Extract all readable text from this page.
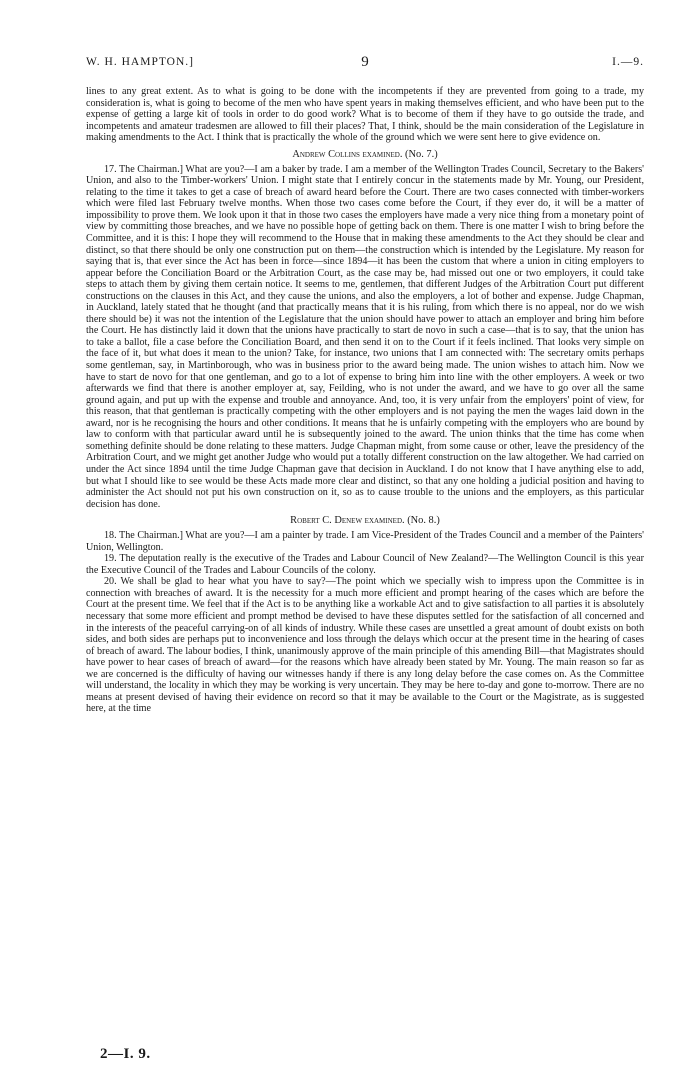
W. H. HAMPTON.]	9	I.—9.

lines to any great extent. As to what is going to be done with the incompetents if they are prevented from going to a trade, my consideration is, what is going to become of the men who have spent years in making themselves efficient, and who have been put to the expense of getting a large kit of tools in order to do good work? What is to become of them if they have to go outside the trade, and incompetents and amateur tradesmen are allowed to fill their places? That, I think, should be the main consideration of the Legislature in making amendments to the Act. I think that is practically the whole of the ground which we were sent here to give evidence on.

Andrew Collins examined. (No. 7.)

17. The Chairman.] What are you?—I am a baker by trade. I am a member of the Wellington Trades Council, Secretary to the Bakers' Union, and also to the Timber-workers' Union. I might state that I entirely concur in the statements made by Mr. Young, our President, relating to the time it takes to get a case of breach of award heard before the Court. There are two cases connected with timber-workers which were filed last February twelve months. When those two cases come before the Court, if they ever do, it will be a matter of impossibility to prove them. We look upon it that in those two cases the employers have made a very nice thing from a monetary point of view by committing those breaches, and we have no possible hope of getting back on them. There is one matter I wish to bring before the Committee, and it is this: I hope they will recommend to the House that in making these amendments to the Act they should be clear and distinct, so that there should be only one construction put on them—the construction which is intended by the Legislature. My reason for saying that is, that ever since the Act has been in force—since 1894—it has been the custom that where a union in citing employers to appear before the Conciliation Board or the Arbitration Court, as the case may be, had missed out one or two employers, it could take steps to attach them by giving them certain notice. It seems to me, gentlemen, that different Judges of the Arbitration Court put different constructions on the clauses in this Act, and they cause the unions, and also the employers, a lot of bother and expense. Judge Chapman, in Auckland, lately stated that he thought (and that practically means that it is his ruling, from which there is no appeal, nor do we wish there should be) it was not the intention of the Legislature that the union should have power to attach an employer and bring him before the Court. He has distinctly laid it down that the unions have practically to start de novo in such a case—that is to say, that the union has to take a ballot, file a case before the Conciliation Board, and then send it on to the Court if it feels inclined. That looks very simple on the face of it, but what does it mean to the union? Take, for instance, two unions that I am connected with: The secretary omits perhaps some gentleman, say, in Martinborough, who was in business prior to the award being made. The union wishes to attach him. Now we have to start de novo for that one gentleman, and go to a lot of expense to bring him into line with the other employers. A week or two afterwards we find that there is another employer at, say, Feilding, who is not under the award, and we have to go over all the same ground again, and put up with the expense and trouble and annoyance. And, too, it is very unfair from the employers' point of view, for this reason, that that gentleman is practically competing with the other employers and is not paying the men the wages laid down in the award, nor is he recognising the hours and other conditions. It means that he is unfairly competing with the employers who are bound by law to conform with that particular award until he is subsequently joined to the award. The union thinks that the time has come when something definite should be done relating to these matters. Judge Chapman might, from some cause or other, leave the presidency of the Arbitration Court, and we might get another Judge who would put a totally different construction on the law altogether. We had carried on under the Act since 1894 until the time Judge Chapman gave that decision in Auckland. I do not know that I have anything else to add, but what I should like to see would be these Acts made more clear and distinct, so that any one holding a judicial position and having to administer the Act should not put his own construction on it, so as to cause trouble to the unions and the employers, as this particular decision has done.

Robert C. Denew examined. (No. 8.)

18. The Chairman.] What are you?—I am a painter by trade. I am Vice-President of the Trades Council and a member of the Painters' Union, Wellington.

19. The deputation really is the executive of the Trades and Labour Council of New Zealand?—The Wellington Council is this year the Executive Council of the Trades and Labour Councils of the colony.

20. We shall be glad to hear what you have to say?—The point which we specially wish to impress upon the Committee is in connection with breaches of award. It is the necessity for a much more efficient and prompt hearing of the cases which are before the Court at the present time. We feel that if the Act is to be anything like a workable Act and to give satisfaction to all parties it is absolutely necessary that some more efficient and prompt method be devised to have these disputes settled for the satisfaction of all concerned and in the interests of the peaceful carrying-on of all kinds of industry. While these cases are unsettled a great amount of doubt exists on both sides, and both sides are perhaps put to inconvenience and loss through the delays which occur at the present time in the hearing of cases of breach of award. The labour bodies, I think, unanimously approve of the main principle of this amending Bill—that Magistrates should have power to hear cases of breach of award—for the reasons which have already been stated by Mr. Young. The main reason so far as we are concerned is the difficulty of having our witnesses handy if there is any long delay before the case comes on. As the Committee will understand, the locality in which they may be working is very uncertain. They may be here to-day and gone to-morrow. There are no means at present devised of having their evidence on record so that it may be available to the Court or the Magistrate, as is suggested here, at the time

2—I. 9.
